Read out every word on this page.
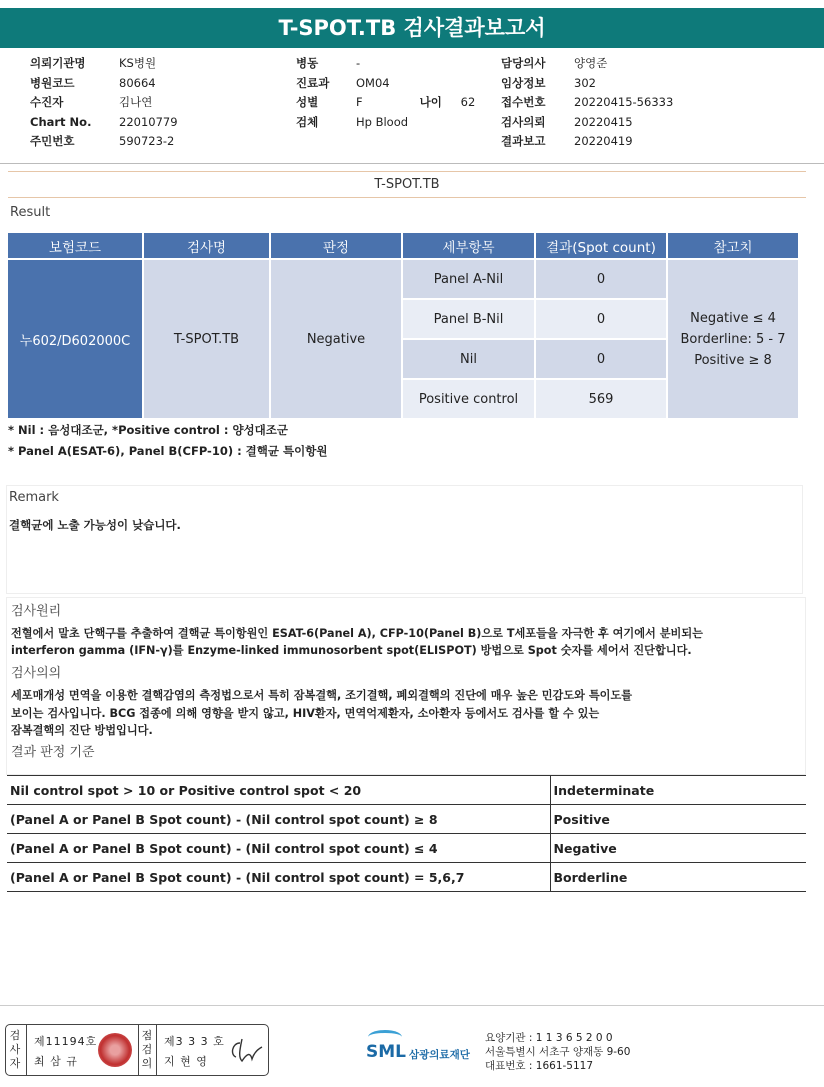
T-SPOT.TB 검사결과보고서
의뢰기관명	KS병원
병원코드	80664
수진자	김나연
Chart No.	22010779
주민번호	590723-2
병동	-
진료과	OM04
성별	F	나이	62
검체	Hp Blood
담당의사	양영준
임상정보	302
접수번호	20220415-56333
검사의뢰	20220415
결과보고	20220419
T-SPOT.TB
Result
보험코드	검사명	판정	세부항목	결과(Spot count)	참고치
누602/D602000C	T-SPOT.TB	Negative	Panel A-Nil	0	Negative ≤ 4
Borderline: 5 - 7
Positive ≥ 8

			Panel B-Nil	0	
			Nil	0	
			Positive control	569	
* Nil : 음성대조군, *Positive control : 양성대조군
* Panel A(ESAT-6), Panel B(CFP-10) : 결핵균 특이항원
Remark
결핵균에 노출 가능성이 낮습니다.
검사원리
전혈에서 말초 단핵구를 추출하여 결핵균 특이항원인 ESAT-6(Panel A), CFP-10(Panel B)으로 T세포들을 자극한 후 여기에서 분비되는
interferon gamma (IFN-γ)를 Enzyme-linked immunosorbent spot(ELISPOT) 방법으로 Spot 숫자를 세어서 진단합니다.
검사의의
세포매개성 면역을 이용한 결핵감염의 측정법으로서 특히 잠복결핵, 조기결핵, 폐외결핵의 진단에 매우 높은 민감도와 특이도를
보이는 검사입니다. BCG 접종에 의해 영향을 받지 않고, HIV환자, 면역억제환자, 소아환자 등에서도 검사를 할 수 있는
잠복결핵의 진단 방법입니다.
결과 판정 기준
Nil control spot > 10 or Positive control spot < 20	Indeterminate
(Panel A or Panel B Spot count) - (Nil control spot count) ≥ 8	Positive
(Panel A or Panel B Spot count) - (Nil control spot count) ≤ 4	Negative
(Panel A or Panel B Spot count) - (Nil control spot count) = 5,6,7	Borderline
검사자
제11194호
최 삼 규
점검의
제3 3 3 호
지 현 영	SML 삼광의료재단
요양기관 : 1 1 3 6 5 2 0 0
서울특별시 서초구 양재동 9-60
대표번호 : 1661-5117
